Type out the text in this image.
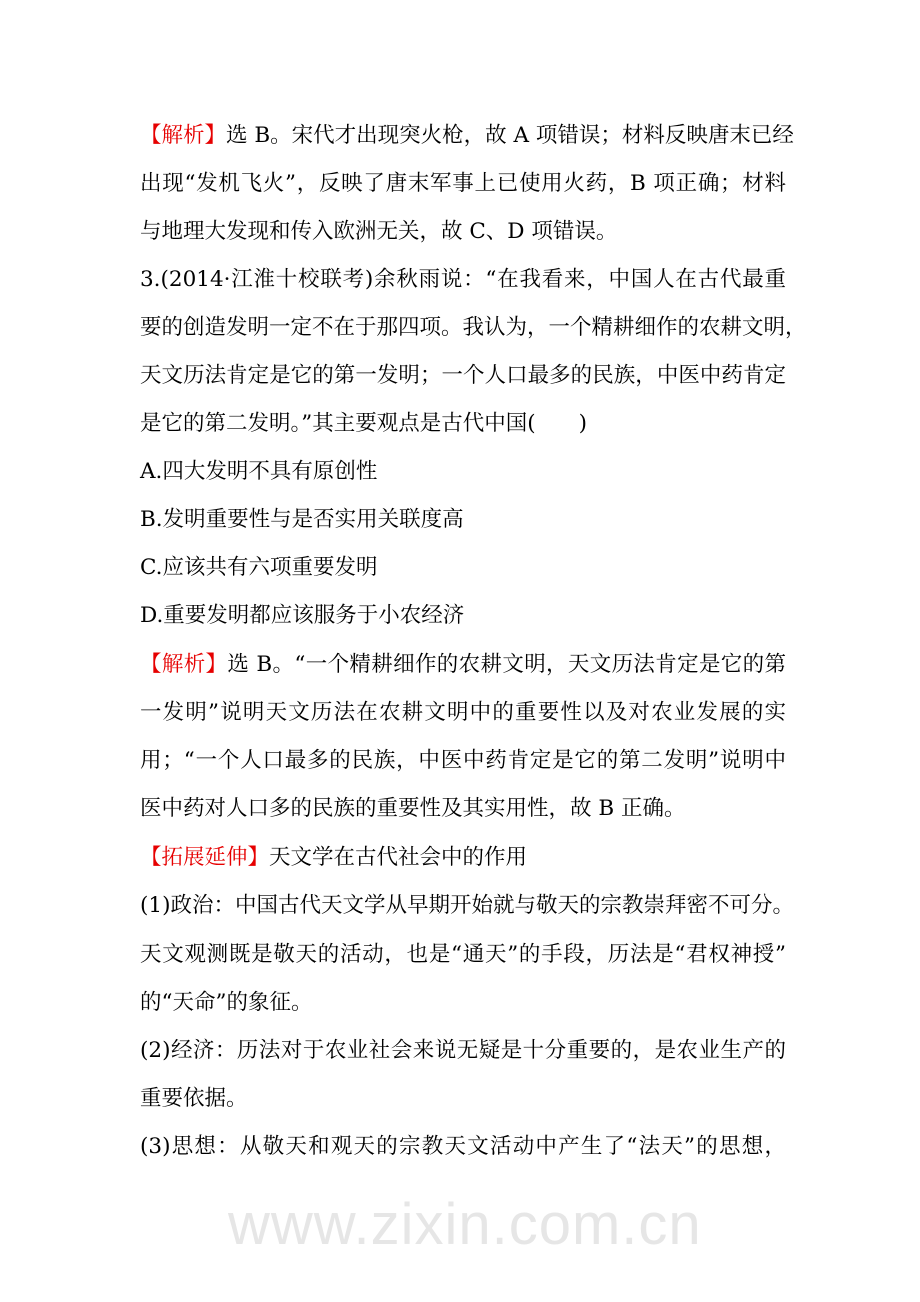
www.zixin.com.cn
【解析】选 B。宋代才出现突火枪，故 A 项错误；材料反映唐末已经
出现“发机飞火”，反映了唐末军事上已使用火药，B 项正确；材料
与地理大发现和传入欧洲无关，故 C、D 项错误。
3.(2014·江淮十校联考)余秋雨说：“在我看来，中国人在古代最重
要的创造发明一定不在于那四项。我认为，一个精耕细作的农耕文明，
天文历法肯定是它的第一发明；一个人口最多的民族，中医中药肯定
是它的第二发明。”其主要观点是古代中国(　　)
A.四大发明不具有原创性
B.发明重要性与是否实用关联度高
C.应该共有六项重要发明
D.重要发明都应该服务于小农经济
【解析】选 B。“一个精耕细作的农耕文明，天文历法肯定是它的第
一发明”说明天文历法在农耕文明中的重要性以及对农业发展的实
用；“一个人口最多的民族，中医中药肯定是它的第二发明”说明中
医中药对人口多的民族的重要性及其实用性，故 B 正确。
【拓展延伸】天文学在古代社会中的作用
(1)政治：中国古代天文学从早期开始就与敬天的宗教崇拜密不可分。
天文观测既是敬天的活动，也是“通天”的手段，历法是“君权神授”
的“天命”的象征。
(2)经济：历法对于农业社会来说无疑是十分重要的，是农业生产的
重要依据。
(3)思想：从敬天和观天的宗教天文活动中产生了“法天”的思想，
